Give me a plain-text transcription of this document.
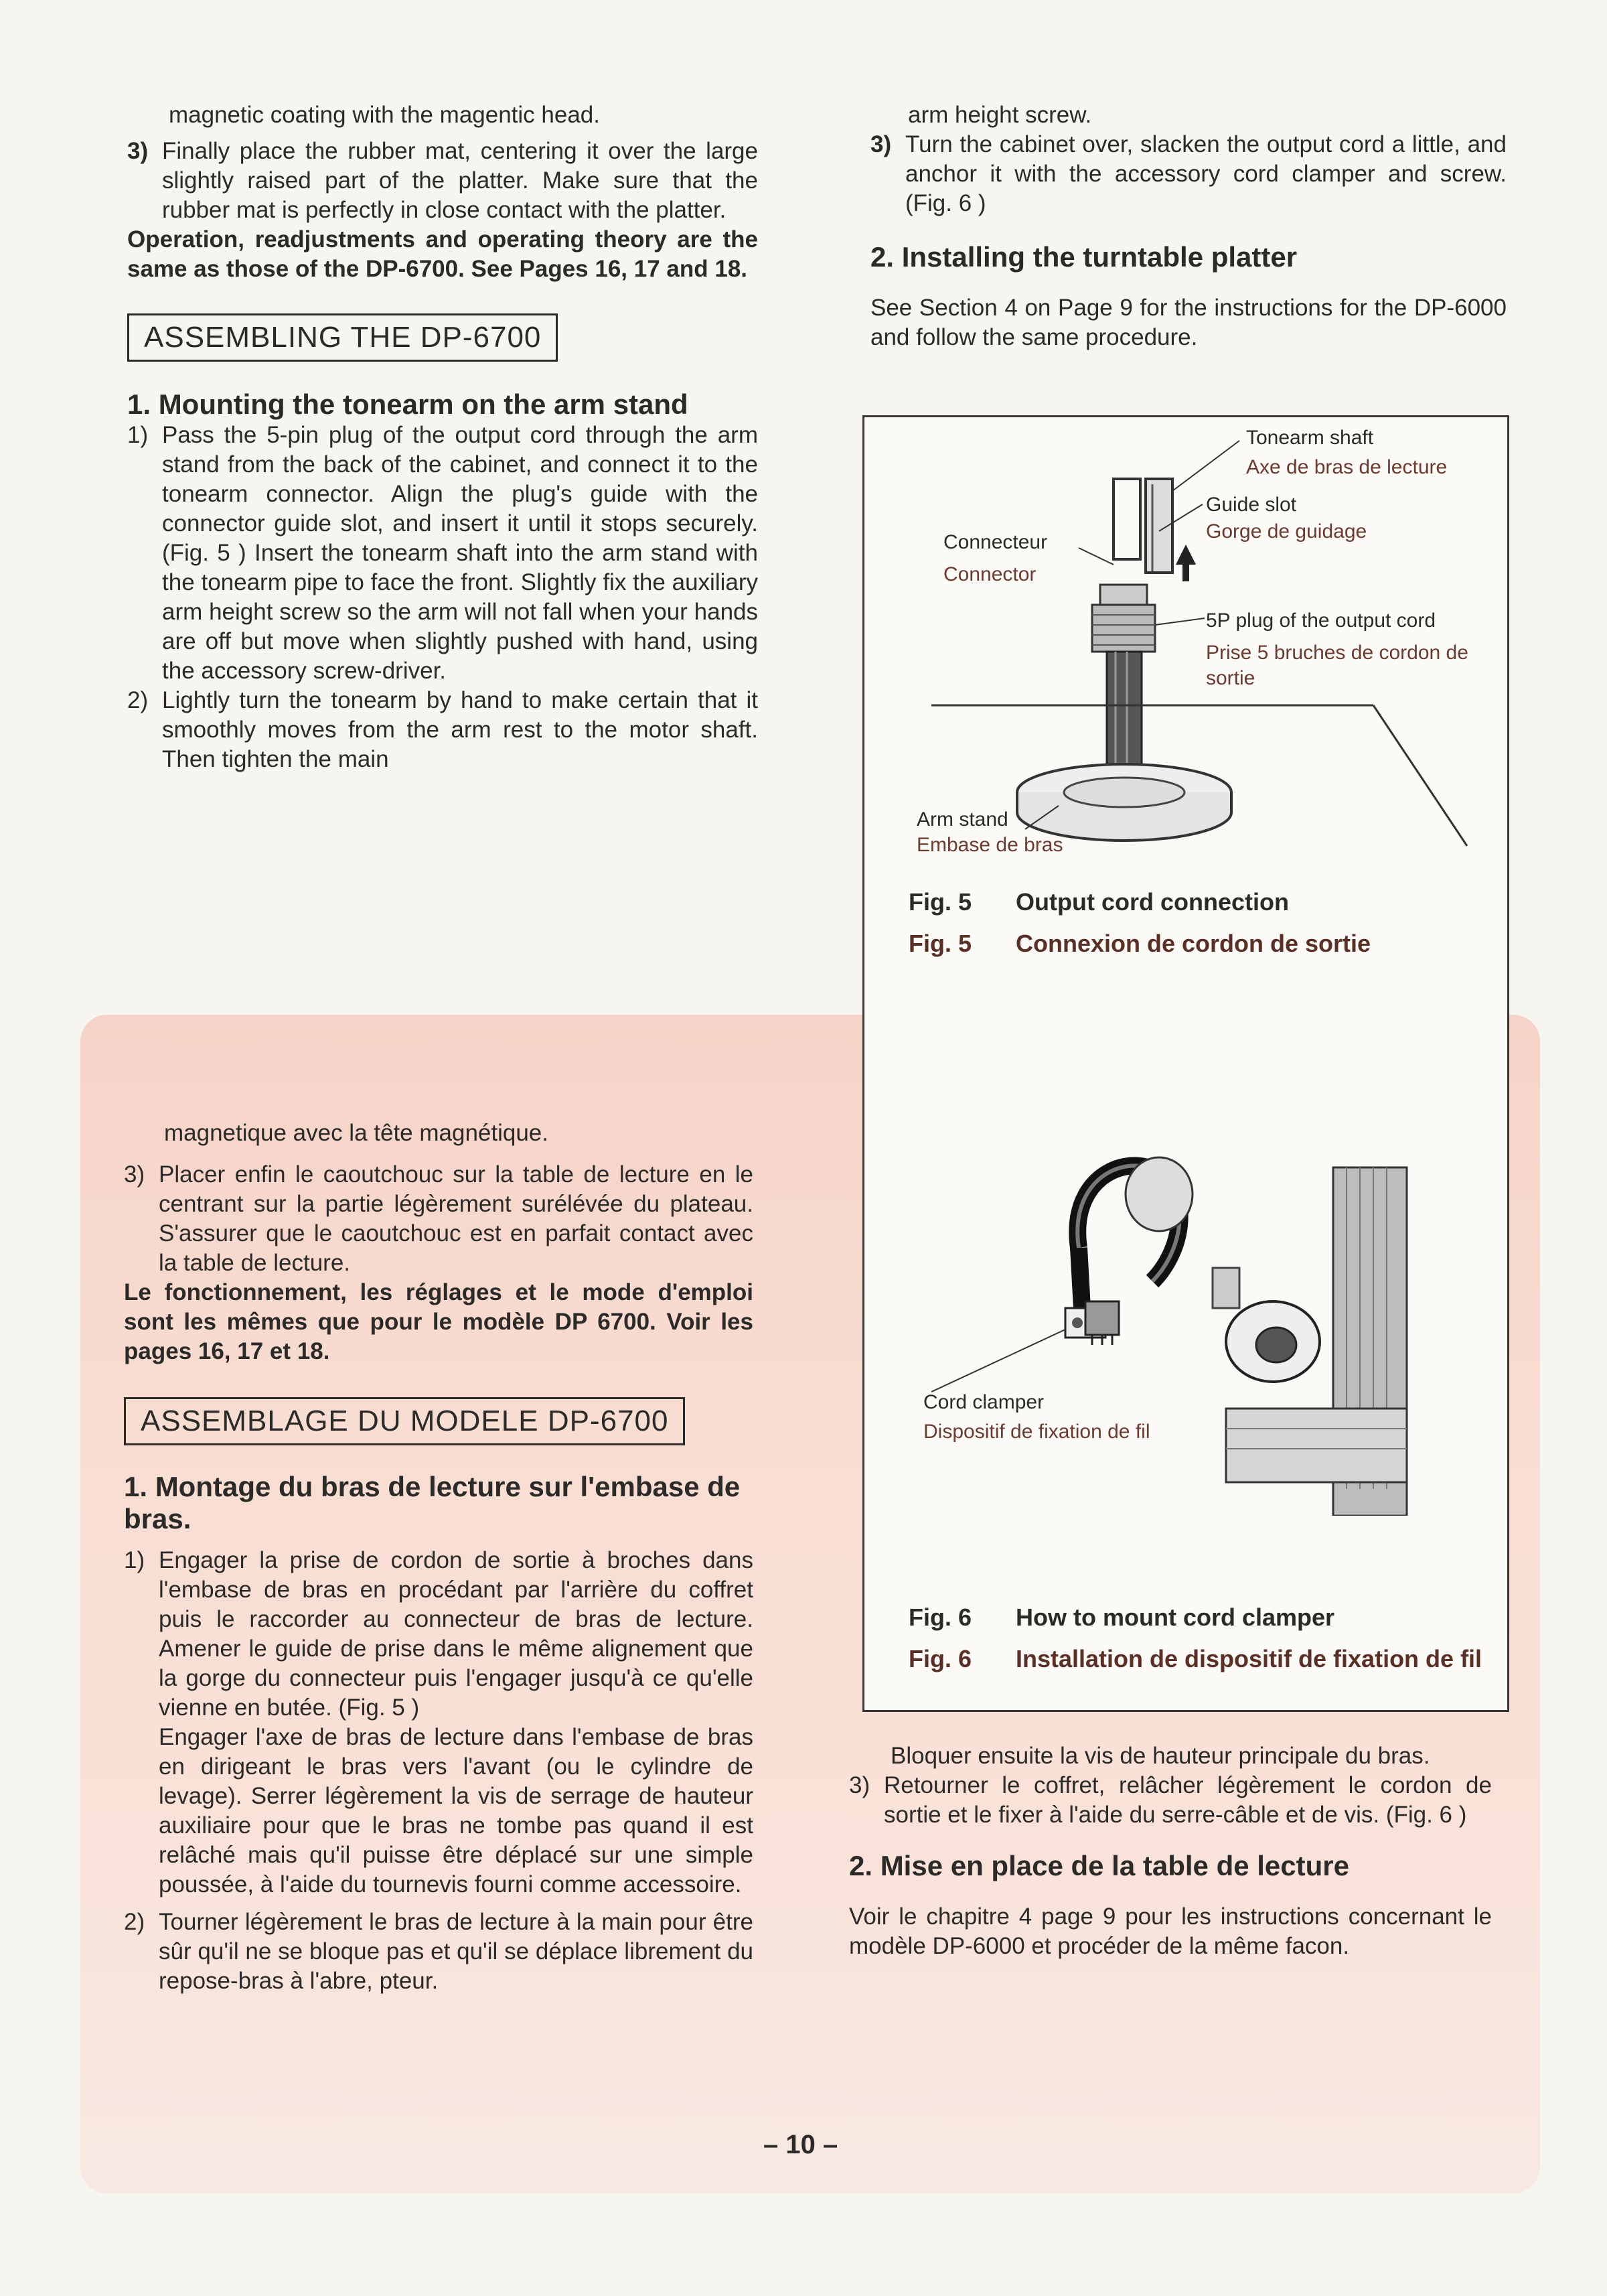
magnetic coating with the magentic head.

3) Finally place the rubber mat, centering it over the large slightly raised part of the platter. Make sure that the rubber mat is perfectly in close contact with the platter.

Operation, readjustments and operating theory are the same as those of the DP-6700. See Pages 16, 17 and 18.

ASSEMBLING THE DP-6700
1. Mounting the tonearm on the arm stand
1) Pass the 5-pin plug of the output cord through the arm stand from the back of the cabinet, and connect it to the tonearm connector. Align the plug's guide with the connector guide slot, and insert it until it stops securely. (Fig. 5 ) Insert the tonearm shaft into the arm stand with the tonearm pipe to face the front. Slightly fix the auxiliary arm height screw so the arm will not fall when your hands are off but move when slightly pushed with hand, using the accessory screw-driver.

2) Lightly turn the tonearm by hand to make certain that it smoothly moves from the arm rest to the motor shaft. Then tighten the main

arm height screw.

3) Turn the cabinet over, slacken the output cord a little, and anchor it with the accessory cord clamper and screw. (Fig. 6 )

2. Installing the turntable platter

See Section 4 on Page 9 for the instructions for the DP-6000 and follow the same procedure.

Tonearm shaft
Axe de bras de lecture
Guide slot
Gorge de guidage
Connecteur
Connector
5P plug of the output cord
Prise 5 bruches de cordon de sortie
Arm stand
Embase de bras
Fig. 5	Output cord connection
Fig. 5	Connexion de cordon de sortie
Cord clamper
Dispositif de fixation de fil
Fig. 6	How to mount cord clamper
Fig. 6	Installation de dispositif de fixation de fil

magnetique avec la tête magnétique.

3) Placer enfin le caoutchouc sur la table de lecture en le centrant sur la partie légèrement surélévée du plateau. S'assurer que le caoutchouc est en parfait contact avec la table de lecture.

Le fonctionnement, les réglages et le mode d'emploi sont les mêmes que pour le modèle DP 6700. Voir les pages 16, 17 et 18.

ASSEMBLAGE DU MODELE DP-6700
1. Montage du bras de lecture sur l'embase de bras.
1) Engager la prise de cordon de sortie à broches dans l'embase de bras en procédant par l'arrière du coffret puis le raccorder au connecteur de bras de lecture. Amener le guide de prise dans le même alignement que la gorge du connecteur puis l'engager jusqu'à ce qu'elle vienne en butée. (Fig. 5 )

Engager l'axe de bras de lecture dans l'embase de bras en dirigeant le bras vers l'avant (ou le cylindre de levage). Serrer légèrement la vis de serrage de hauteur auxiliaire pour que le bras ne tombe pas quand il est relâché mais qu'il puisse être déplacé sur une simple poussée, à l'aide du tournevis fourni comme accessoire.

2) Tourner légèrement le bras de lecture à la main pour être sûr qu'il ne se bloque pas et qu'il se déplace librement du repose-bras à l'abre, pteur.

Bloquer ensuite la vis de hauteur principale du bras.

3) Retourner le coffret, relâcher légèrement le cordon de sortie et le fixer à l'aide du serre-câble et de vis. (Fig. 6 )

2. Mise en place de la table de lecture

Voir le chapitre 4 page 9 pour les instructions concernant le modèle DP-6000 et procéder de la même facon.

– 10 –
